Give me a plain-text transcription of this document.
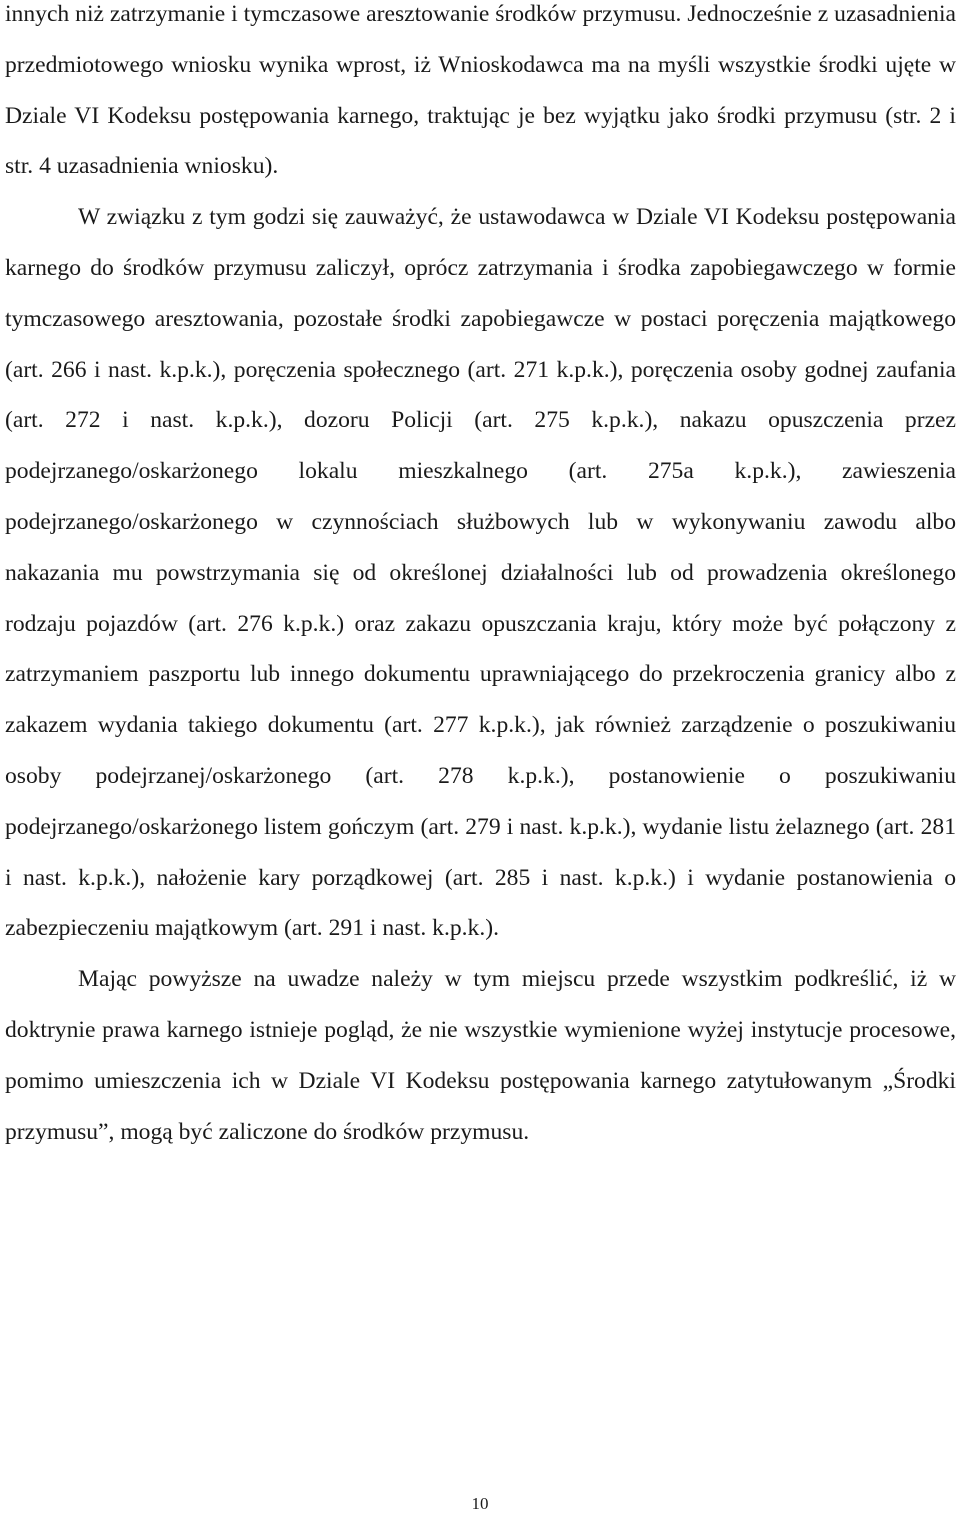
innych niż zatrzymanie i tymczasowe aresztowanie środków przymusu. Jednocześnie z uzasadnienia przedmiotowego wniosku wynika wprost, iż Wnioskodawca ma na myśli wszystkie środki ujęte w Dziale VI Kodeksu postępowania karnego, traktując je bez wyjątku jako środki przymusu (str. 2 i str. 4 uzasadnienia wniosku).

W związku z tym godzi się zauważyć, że ustawodawca w Dziale VI Kodeksu postępowania karnego do środków przymusu zaliczył, oprócz zatrzymania i środka zapobiegawczego w formie tymczasowego aresztowania, pozostałe środki zapobiegawcze w postaci poręczenia majątkowego (art. 266 i nast. k.p.k.), poręczenia społecznego (art. 271 k.p.k.), poręczenia osoby godnej zaufania (art. 272 i nast. k.p.k.), dozoru Policji (art. 275 k.p.k.), nakazu opuszczenia przez podejrzanego/oskarżonego lokalu mieszkalnego (art. 275a k.p.k.), zawieszenia podejrzanego/oskarżonego w czynnościach służbowych lub w wykonywaniu zawodu albo nakazania mu powstrzymania się od określonej działalności lub od prowadzenia określonego rodzaju pojazdów (art. 276 k.p.k.) oraz zakazu opuszczania kraju, który może być połączony z zatrzymaniem paszportu lub innego dokumentu uprawniającego do przekroczenia granicy albo z zakazem wydania takiego dokumentu (art. 277 k.p.k.), jak również zarządzenie o poszukiwaniu osoby podejrzanej/oskarżonego (art. 278 k.p.k.), postanowienie o poszukiwaniu podejrzanego/oskarżonego listem gończym (art. 279 i nast. k.p.k.), wydanie listu żelaznego (art. 281 i nast. k.p.k.), nałożenie kary porządkowej (art. 285 i nast. k.p.k.) i wydanie postanowienia o zabezpieczeniu majątkowym (art. 291 i nast. k.p.k.).

Mając powyższe na uwadze należy w tym miejscu przede wszystkim podkreślić, iż w doktrynie prawa karnego istnieje pogląd, że nie wszystkie wymienione wyżej instytucje procesowe, pomimo umieszczenia ich w Dziale VI Kodeksu postępowania karnego zatytułowanym „Środki przymusu”, mogą być zaliczone do środków przymusu.

10
